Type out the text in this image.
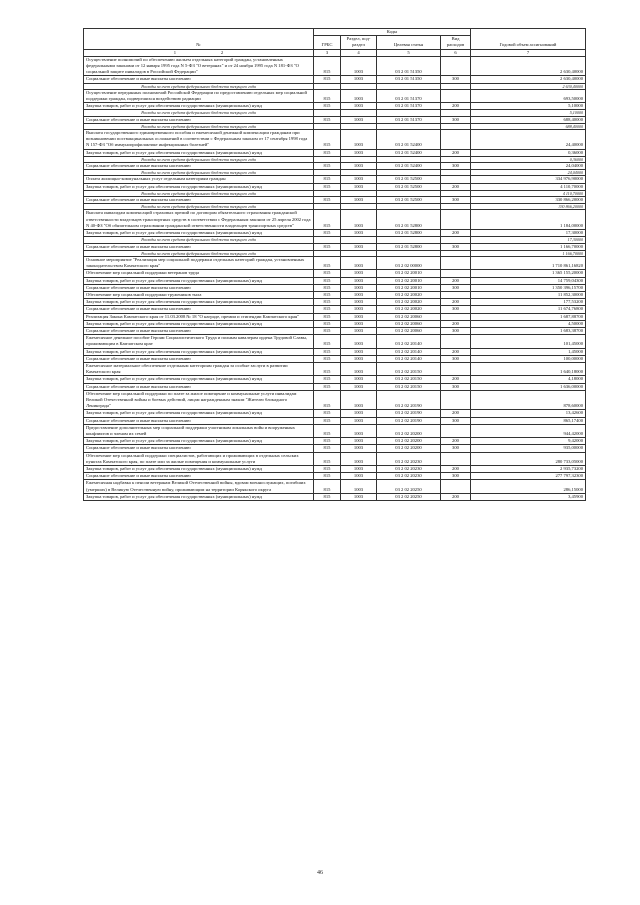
№	Коды				Годовой объем ассигнований
	ГРБС	Раздел, под-раздел	Целевая статья	Вид расходов	
1 2	3	4	5	6	7
Осуществление полномочий по обеспечению жильем отдельных категорий граждан, установленных федеральными законами от 12 января 1995 года N 5-ФЗ "О ветеранах" и от 24 ноября 1995 года N 181-ФЗ "О социальной защите инвалидов в Российской Федерации"	815	1003	03 2 01 51350		2 630,40000
Социальное обеспечение и иные выплаты населению	815	1003	03 2 01 51350	300	2 630,40000
Расходы за счет средств федерального бюджета текущего года					2 630,40000
Осуществление переданных полномочий Российской Федерации по предоставлению отдельных мер социальной поддержки граждан, подвергшихся воздействию радиации	815	1003	03 2 01 51370		693,50000
Закупка товаров, работ и услуг для обеспечения государственных (муниципальных) нужд	815	1003	03 2 01 51370	200	5,10000
Расходы за счет средств федерального бюджета текущего года					5,10000
Социальное обеспечение и иные выплаты населению	815	1003	03 2 01 51370	300	688,40000
Расходы за счет средств федерального бюджета текущего года					688,40000
Выплата государственного единовременного пособия и ежемесячной денежной компенсации гражданам при возникновении поствакцинальных осложнений в соответствии с Федеральным законом от 17 сентября 1998 года N 157-ФЗ "Об иммунопрофилактике инфекционных болезней"	815	1003	03 2 01 52400		24,40000
Закупка товаров, работ и услуг для обеспечения государственных (муниципальных) нужд	815	1003	03 2 01 52400	200	0,36000
Расходы за счет средств федерального бюджета текущего года					0,36000
Социальное обеспечение и иные выплаты населению	815	1003	03 2 01 52400	300	24,04000
Расходы за счет средств федерального бюджета текущего года					24,04000
Оплата жилищно-коммунальных услуг отдельным категориям граждан	815	1003	03 2 01 52500		334 976,90000
Закупка товаров, работ и услуг для обеспечения государственных (муниципальных) нужд	815	1003	03 2 01 52500	200	4 110,70000
Расходы за счет средств федерального бюджета текущего года					4 110,70000
Социальное обеспечение и иные выплаты населению	815	1003	03 2 01 52500	300	330 866,20000
Расходы за счет средств федерального бюджета текущего года					330 866,20000
Выплата инвалидам компенсаций страховых премий по договорам обязательного страхования гражданской ответственности владельцев транспортных средств в соответствии с Федеральным законом от 25 апреля 2002 года N 40-ФЗ "Об обязательном страховании гражданской ответственности владельцев транспортных средств"	815	1003	03 2 01 52800		1 184,00000
Закупка товаров, работ и услуг для обеспечения государственных (муниципальных) нужд	815	1003	03 2 01 52800	200	17,30000
Расходы за счет средств федерального бюджета текущего года					17,30000
Социальное обеспечение и иные выплаты населению	815	1003	03 2 01 52800	300	1 166,70000
Расходы за счет средств федерального бюджета текущего года					1 166,70000
Основное мероприятие "Реализация мер социальной поддержки отдельных категорий граждан, установленных законодательством Камчатского края"	815	1003	03 2 02 00000		1 710 861,16820
Обеспечение мер социальной поддержки ветеранов труда	815	1003	03 2 02 20010		1 365 155,20000
Закупка товаров, работ и услуг для обеспечения государственных (муниципальных) нужд	815	1003	03 2 02 20010	200	14 759,04300
Социальное обеспечение и иные выплаты населению	815	1003	03 2 02 20010	300	1 350 396,15700
Обеспечение мер социальной поддержки тружеников тыла	815	1003	03 2 02 20020		11 852,30000
Закупка товаров, работ и услуг для обеспечения государственных (муниципальных) нужд	815	1003	03 2 02 20020	200	177,53200
Социальное обеспечение и иные выплаты населению	815	1003	03 2 02 20020	300	11 674,76800
Реализация Закона Камчатского края от 11.03.2008 № 18 "О награде, премии и стипендии Камчатского края"	815	1003	03 2 02 20060		1 687,88700
Закупка товаров, работ и услуг для обеспечения государственных (муниципальных) нужд	815	1003	03 2 02 20060	200	4,50000
Социальное обеспечение и иные выплаты населению	815	1003	03 2 02 20060	300	1 683,38700
Ежемесячное денежное пособие Героям Социалистического Труда и полным кавалерам ордена Трудовой Славы, проживающим в Камчатском крае	815	1003	03 2 02 20140		101,45000
Закупка товаров, работ и услуг для обеспечения государственных (муниципальных) нужд	815	1003	03 2 02 20140	200	1,45000
Социальное обеспечение и иные выплаты населению	815	1003	03 2 02 20140	300	100,00000
Ежемесячное материальное обеспечение отдельным категориям граждан за особые заслуги в развитии Камчатского края	815	1003	03 2 02 20150		1 640,18000
Закупка товаров, работ и услуг для обеспечения государственных (муниципальных) нужд	815	1003	03 2 02 20150	200	4,18000
Социальное обеспечение и иные выплаты населению	815	1003	03 2 02 20150	300	1 636,00000
Обеспечение мер социальной поддержки по плате за жилое помещение и коммунальные услуги инвалидам Великой Отечественной войны и боевых действий, лицам награжденным знаком "Жителю блокадного Ленинграда"	815	1003	03 2 02 20190		878,60000
Закупка товаров, работ и услуг для обеспечения государственных (муниципальных) нужд	815	1003	03 2 02 20190	200	13,42600
Социальное обеспечение и иные выплаты населению	815	1003	03 2 02 20190	300	865,17400
Предоставление дополнительных мер социальной поддержки участникам локальных войн и вооруженных конфликтов и членам их семей	815	1003	03 2 02 20200		944,42000
Закупка товаров, работ и услуг для обеспечения государственных (муниципальных) нужд	815	1003	03 2 02 20200	200	9,42000
Социальное обеспечение и иные выплаты населению	815	1003	03 2 02 20200	300	935,00000
Обеспечение мер социальной поддержки специалистов, работающих и проживающих в отдельных сельских пунктах Камчатского края, по плате или за жилые помещения и коммунальные услуги	815	1003	03 2 02 20230		280 733,05000
Закупка товаров, работ и услуг для обеспечения государственных (муниципальных) нужд	815	1003	03 2 02 20230	200	2 935,73200
Социальное обеспечение и иные выплаты населению	815	1003	03 2 02 20230	300	277 797,32300
Ежемесячная надбавка к пенсии ветеранам Великой Отечественной войны, вдовам военнослужащих, погибших (умерших) в Великую Отечественную войну, проживающим на территории Корякского округа	815	1003	03 2 02 20250		286,15000
Закупка товаров, работ и услуг для обеспечения государственных (муниципальных) нужд	815	1003	03 2 02 20250	200	3,45900
46
